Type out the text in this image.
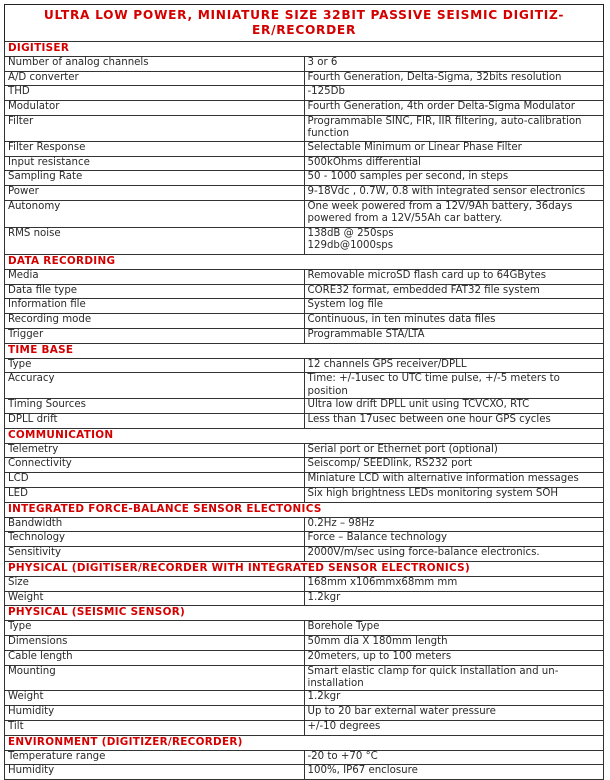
ULTRA LOW POWER, MINIATURE SIZE 32BIT PASSIVE SEISMIC DIGITIZ-
ER/RECORDER
DIGITISER	
Number of analog channels	3 or 6
A/D converter	Fourth Generation, Delta-Sigma, 32bits resolution
THD	-125Db
Modulator	Fourth Generation, 4th order Delta-Sigma Modulator
Filter	Programmable SINC, FIR, IIR filtering, auto-calibration function
Filter Response	Selectable Minimum or Linear Phase Filter
Input resistance	500kOhms differential
Sampling Rate	50 - 1000 samples per second, in steps
Power	9-18Vdc , 0.7W, 0.8 with integrated sensor electronics
Autonomy	One week powered from a 12V/9Ah battery, 36days powered from a 12V/55Ah car battery.
RMS noise	138dB @ 250sps
129db@1000sps
DATA RECORDING	
Media	Removable microSD flash card up to 64GBytes
Data file type	CORE32 format, embedded FAT32 file system
Information file	System log file
Recording mode	Continuous, in ten minutes data files
Trigger	Programmable STA/LTA
TIME BASE	
Type	12 channels GPS receiver/DPLL
Accuracy	Time: +/-1usec to UTC time pulse, +/-5 meters to position
Timing Sources	Ultra low drift DPLL unit using TCVCXO, RTC
DPLL drift	Less than 17usec between one hour GPS cycles
COMMUNICATION	
Telemetry	Serial port or Ethernet port (optional)
Connectivity	Seiscomp/ SEEDlink, RS232 port
LCD	Miniature LCD with alternative information messages
LED	Six high brightness LEDs monitoring system SOH
INTEGRATED FORCE-BALANCE SENSOR ELECTONICS	
Bandwidth	0.2Hz – 98Hz
Technology	Force – Balance technology
Sensitivity	2000V/m/sec using force-balance electronics.
PHYSICAL (DIGITISER/RECORDER WITH INTEGRATED SENSOR ELECTRONICS)	
Size	168mm x106mmx68mm mm
Weight	1.2kgr
PHYSICAL (SEISMIC SENSOR)	
Type	Borehole Type
Dimensions	50mm dia X 180mm length
Cable length	20meters, up to 100 meters
Mounting	Smart elastic clamp for quick installation and un-installation
Weight	1.2kgr
Humidity	Up to 20 bar external water pressure
Tilt	+/-10 degrees
ENVIRONMENT (DIGITIZER/RECORDER)	
Temperature range	-20 to +70 °C
Humidity	100%, IP67 enclosure
